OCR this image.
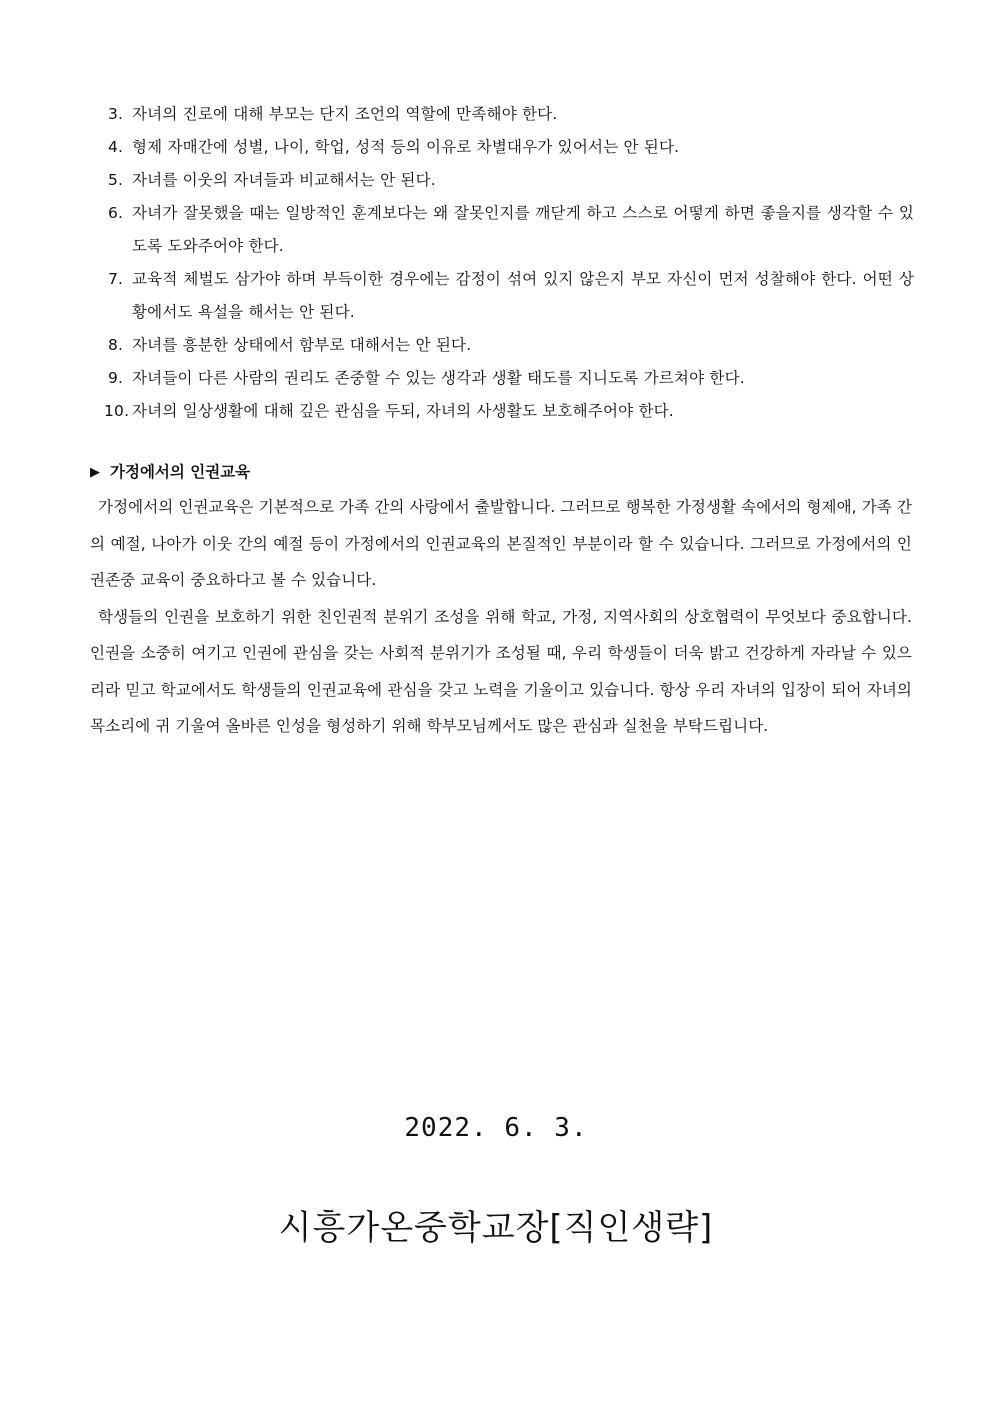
3. 자녀의 진로에 대해 부모는 단지 조언의 역할에 만족해야 한다.
4. 형제 자매간에 성별, 나이, 학업, 성적 등의 이유로 차별대우가 있어서는 안 된다.
5. 자녀를 이웃의 자녀들과 비교해서는 안 된다.
6. 자녀가 잘못했을 때는 일방적인 훈계보다는 왜 잘못인지를 깨닫게 하고 스스로 어떻게 하면 좋을지를 생각할 수 있도록 도와주어야 한다.
7. 교육적 체벌도 삼가야 하며 부득이한 경우에는 감정이 섞여 있지 않은지 부모 자신이 먼저 성찰해야 한다. 어떤 상황에서도 욕설을 해서는 안 된다.
8. 자녀를 흥분한 상태에서 함부로 대해서는 안 된다.
9. 자녀들이 다른 사람의 권리도 존중할 수 있는 생각과 생활 태도를 지니도록 가르쳐야 한다.
10. 자녀의 일상생활에 대해 깊은 관심을 두되, 자녀의 사생활도 보호해주어야 한다.
▶ 가정에서의 인권교육

가정에서의 인권교육은 기본적으로 가족 간의 사랑에서 출발합니다. 그러므로 행복한 가정생활 속에서의 형제애, 가족 간의 예절, 나아가 이웃 간의 예절 등이 가정에서의 인권교육의 본질적인 부분이라 할 수 있습니다. 그러므로 가정에서의 인권존중 교육이 중요하다고 볼 수 있습니다.

학생들의 인권을 보호하기 위한 친인권적 분위기 조성을 위해 학교, 가정, 지역사회의 상호협력이 무엇보다 중요합니다. 인권을 소중히 여기고 인권에 관심을 갖는 사회적 분위기가 조성될 때, 우리 학생들이 더욱 밝고 건강하게 자라날 수 있으리라 믿고 학교에서도 학생들의 인권교육에 관심을 갖고 노력을 기울이고 있습니다. 항상 우리 자녀의 입장이 되어 자녀의 목소리에 귀 기울여 올바른 인성을 형성하기 위해 학부모님께서도 많은 관심과 실천을 부탁드립니다.

2022. 6. 3.
시흥가온중학교장[직인생략]
